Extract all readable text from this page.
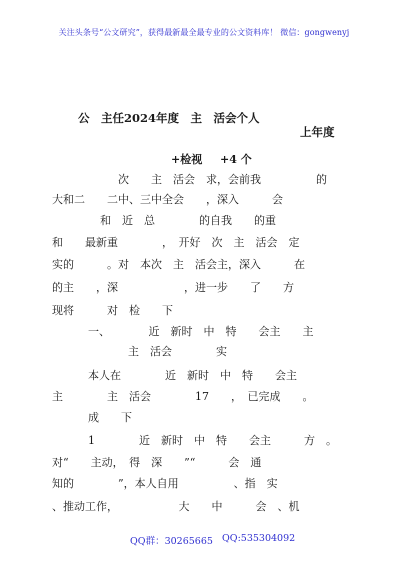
关注头条号“公文研究”，获得最新最全最专业的公文资料库！ 微信：gongwenyj

公　主任2024年度　主　活会个人

上年度

+检视 +4 个
次　　主　活会　求，会前我　　　　　的
大和二　　二中、三中全会　　，深入　　　会
和　近　总　　　　的自我　　的重
和　　最新重　　　　，　开好　次　主　活会　定
实的　　　。对　本次　主　活会主，深入　　　在
的主　　，深　　　　　　，进一步　　了　　方
现将　　　对　检　　下
一、　　　　近　新时　中　特　　会主　　主
主　活会　　　　实
本人在　　　　近　新时　中　特　　会主
主　　　　主　活会　　　　17　　，　已完成　　。
成　　下
1　　　　近　新时　中　特　　会主　　　方　。
对“　　主动，　得　深　　”“　　　会　通
知的　　　　”，本人自用　　　　　、指　实
、推动工作，　　　　　　大　　中　　　会　、机
QQ群：30265665 QQ:535304092
